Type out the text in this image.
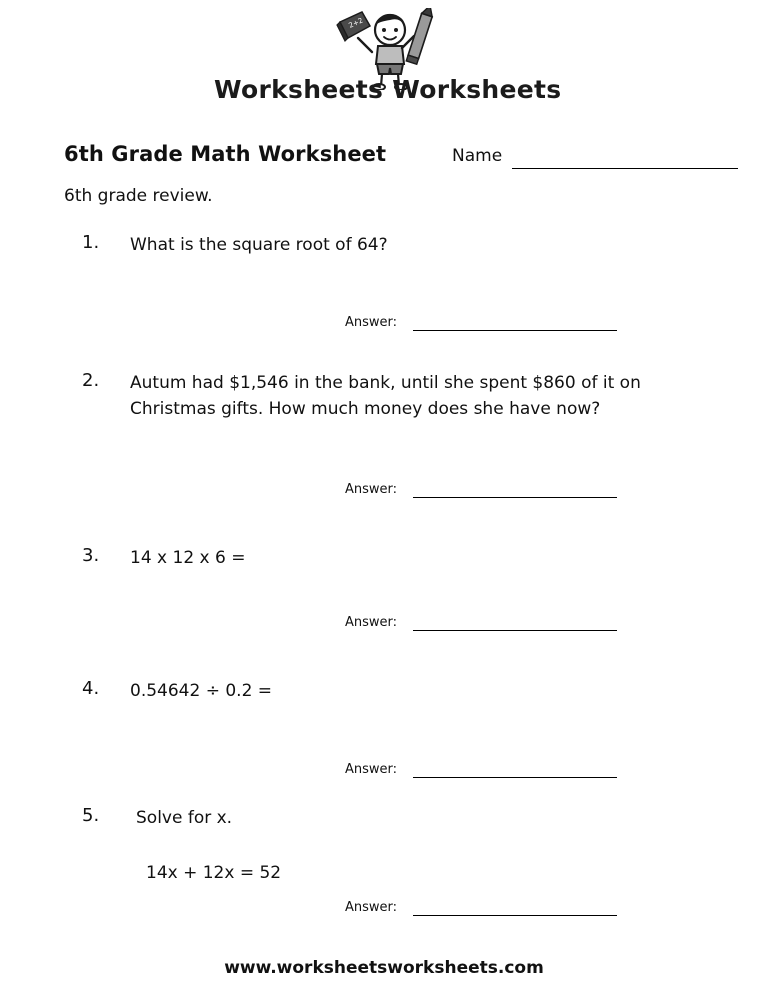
2+2
Worksheets Worksheets
6th Grade Math Worksheet
6th grade review.
Name
1. What is the square root of 64?
Answer:
2. Autum had $1,546 in the bank, until she spent $860 of it on Christmas gifts. How much money does she have now?
Answer:
3. 14 x 12 x 6 =
Answer:
4. 0.54642 ÷ 0.2 =
Answer:
5. Solve for x.
14x + 12x = 52
Answer:
www.worksheetsworksheets.com
